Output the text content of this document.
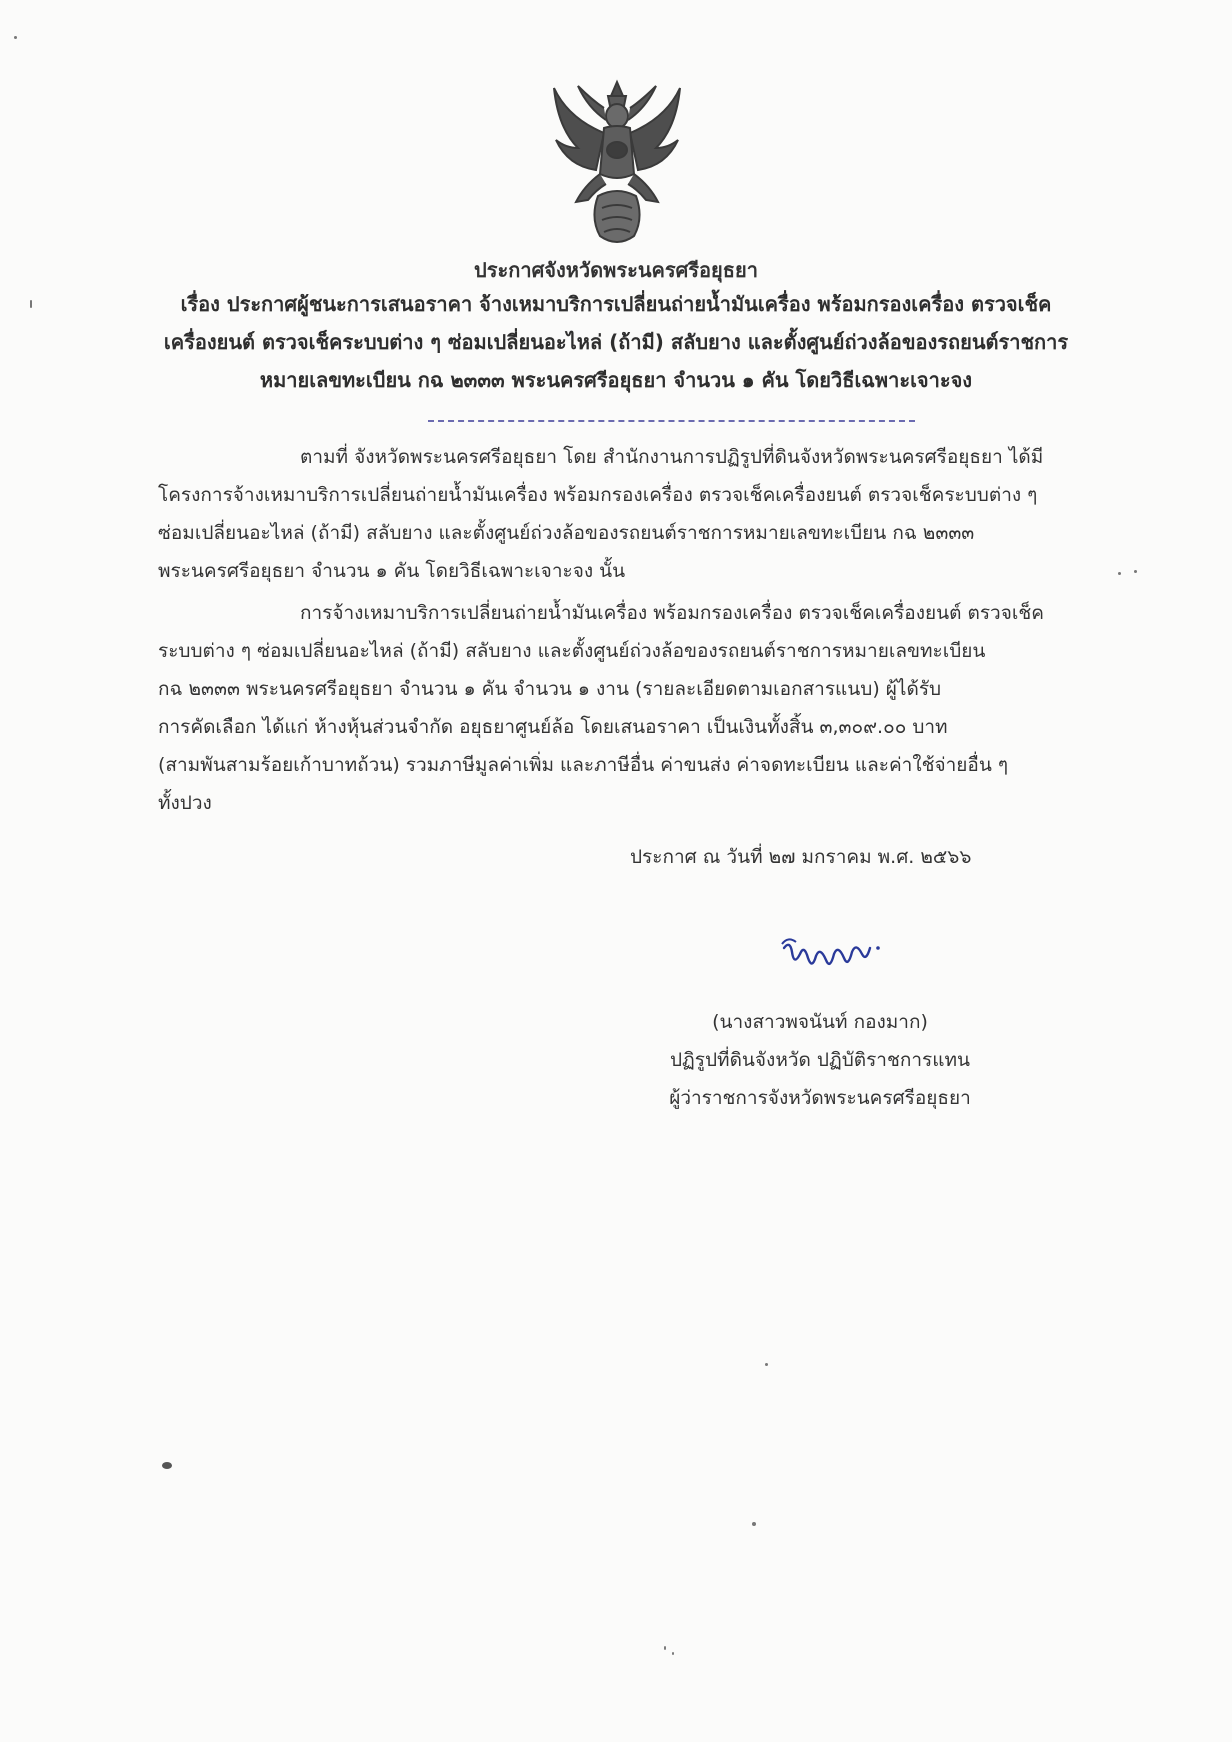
ประกาศจังหวัดพระนครศรีอยุธยา
เรื่อง ประกาศผู้ชนะการเสนอราคา จ้างเหมาบริการเปลี่ยนถ่ายน้ำมันเครื่อง พร้อมกรองเครื่อง ตรวจเช็ค
เครื่องยนต์ ตรวจเช็คระบบต่าง ๆ ซ่อมเปลี่ยนอะไหล่ (ถ้ามี) สลับยาง และตั้งศูนย์ถ่วงล้อของรถยนต์ราชการ
หมายเลขทะเบียน กฉ ๒๓๓๓ พระนครศรีอยุธยา จำนวน ๑ คัน โดยวิธีเฉพาะเจาะจง
ตามที่ จังหวัดพระนครศรีอยุธยา โดย สำนักงานการปฏิรูปที่ดินจังหวัดพระนครศรีอยุธยา ได้มี
โครงการจ้างเหมาบริการเปลี่ยนถ่ายน้ำมันเครื่อง พร้อมกรองเครื่อง ตรวจเช็คเครื่องยนต์ ตรวจเช็คระบบต่าง ๆ
ซ่อมเปลี่ยนอะไหล่ (ถ้ามี) สลับยาง และตั้งศูนย์ถ่วงล้อของรถยนต์ราชการหมายเลขทะเบียน กฉ ๒๓๓๓
พระนครศรีอยุธยา จำนวน ๑ คัน โดยวิธีเฉพาะเจาะจง นั้น
การจ้างเหมาบริการเปลี่ยนถ่ายน้ำมันเครื่อง พร้อมกรองเครื่อง ตรวจเช็คเครื่องยนต์ ตรวจเช็ค
ระบบต่าง ๆ ซ่อมเปลี่ยนอะไหล่ (ถ้ามี) สลับยาง และตั้งศูนย์ถ่วงล้อของรถยนต์ราชการหมายเลขทะเบียน
กฉ ๒๓๓๓ พระนครศรีอยุธยา จำนวน ๑ คัน จำนวน ๑ งาน (รายละเอียดตามเอกสารแนบ) ผู้ได้รับ
การคัดเลือก ได้แก่ ห้างหุ้นส่วนจำกัด อยุธยาศูนย์ล้อ โดยเสนอราคา เป็นเงินทั้งสิ้น ๓,๓๐๙.๐๐ บาท
(สามพันสามร้อยเก้าบาทถ้วน) รวมภาษีมูลค่าเพิ่ม และภาษีอื่น ค่าขนส่ง ค่าจดทะเบียน และค่าใช้จ่ายอื่น ๆ
ทั้งปวง
ประกาศ ณ วันที่ ๒๗ มกราคม พ.ศ. ๒๕๖๖
(นางสาวพจนันท์ กองมาก)
ปฏิรูปที่ดินจังหวัด ปฏิบัติราชการแทน
ผู้ว่าราชการจังหวัดพระนครศรีอยุธยา
